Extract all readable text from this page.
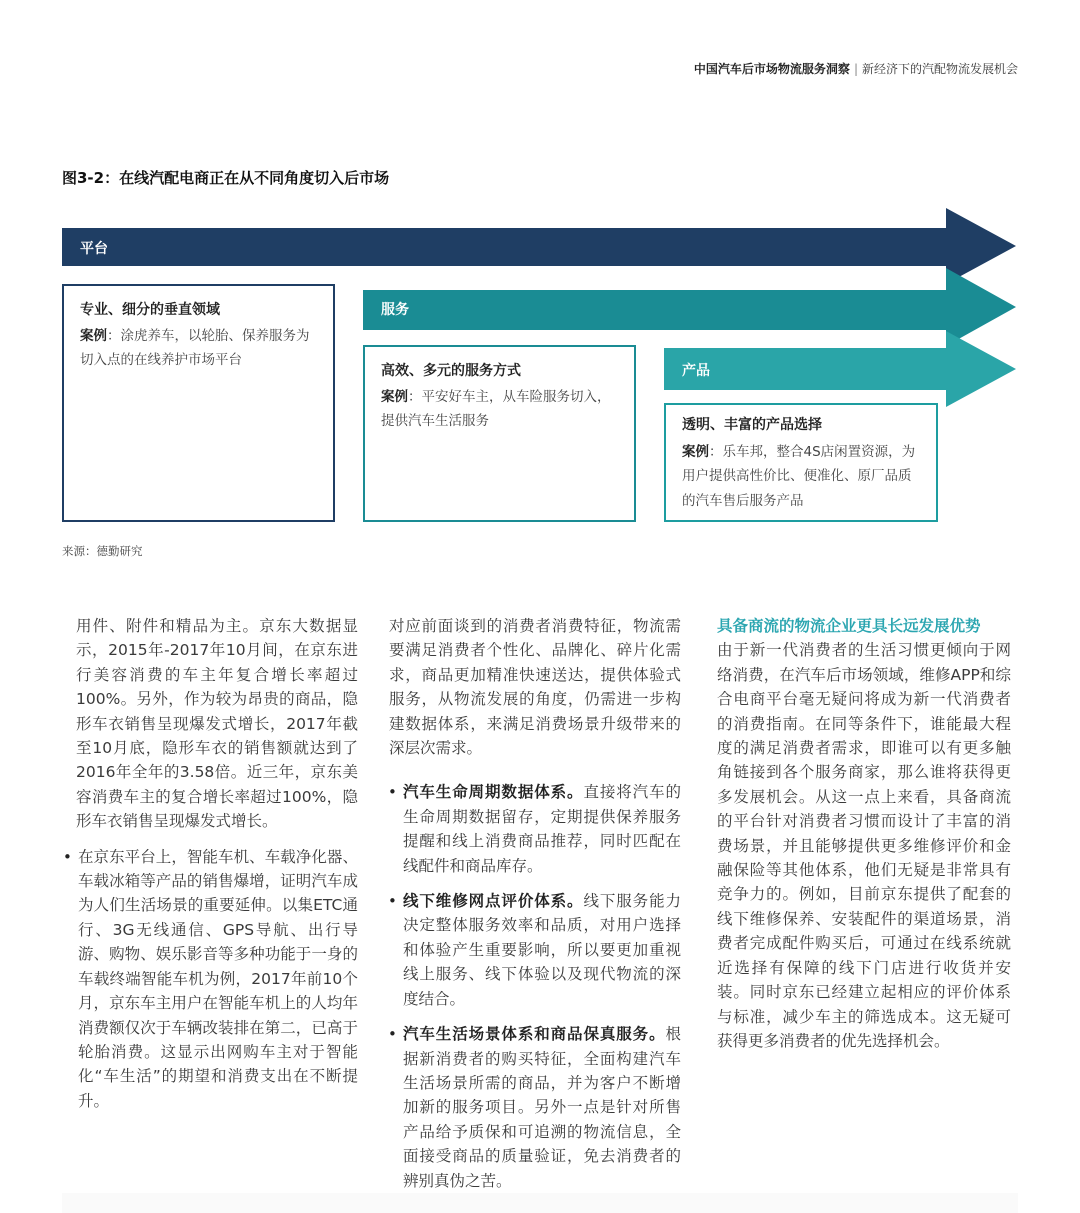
中国汽车后市场物流服务洞察 | 新经济下的汽配物流发展机会
图3-2：在线汽配电商正在从不同角度切入后市场
平台
服务
产品
专业、细分的垂直领域
案例：涂虎养车，以轮胎、保养服务为切入点的在线养护市场平台
高效、多元的服务方式
案例：平安好车主，从车险服务切入，提供汽车生活服务	透明、丰富的产品选择
案例：乐车邦，整合4S店闲置资源，为用户提供高性价比、便准化、原厂品质的汽车售后服务产品
来源：德勤研究

用件、附件和精品为主。京东大数据显示，2015年-2017年10月间，在京东进行美容消费的车主年复合增长率超过100%。另外，作为较为昂贵的商品，隐形车衣销售呈现爆发式增长，2017年截至10月底，隐形车衣的销售额就达到了2016年全年的3.58倍。近三年，京东美容消费车主的复合增长率超过100%，隐形车衣销售呈现爆发式增长。

• 在京东平台上，智能车机、车载净化器、车载冰箱等产品的销售爆增，证明汽车成为人们生活场景的重要延伸。以集ETC通行、3G无线通信、GPS导航、出行导游、购物、娱乐影音等多种功能于一身的车载终端智能车机为例，2017年前10个月，京东车主用户在智能车机上的人均年消费额仅次于车辆改装排在第二，已高于轮胎消费。这显示出网购车主对于智能化“车生活”的期望和消费支出在不断提升。

对应前面谈到的消费者消费特征，物流需要满足消费者个性化、品牌化、碎片化需求，商品更加精准快速送达，提供体验式服务，从物流发展的角度，仍需进一步构建数据体系，来满足消费场景升级带来的深层次需求。

• 汽车生命周期数据体系。直接将汽车的生命周期数据留存，定期提供保养服务提醒和线上消费商品推荐，同时匹配在线配件和商品库存。

• 线下维修网点评价体系。线下服务能力决定整体服务效率和品质，对用户选择和体验产生重要影响，所以要更加重视线上服务、线下体验以及现代物流的深度结合。

• 汽车生活场景体系和商品保真服务。根据新消费者的购买特征，全面构建汽车生活场景所需的商品，并为客户不断增加新的服务项目。另外一点是针对所售产品给予质保和可追溯的物流信息，全面接受商品的质量验证，免去消费者的辨别真伪之苦。

具备商流的物流企业更具长远发展优势

由于新一代消费者的生活习惯更倾向于网络消费，在汽车后市场领域，维修APP和综合电商平台毫无疑问将成为新一代消费者的消费指南。在同等条件下，谁能最大程度的满足消费者需求，即谁可以有更多触角链接到各个服务商家，那么谁将获得更多发展机会。从这一点上来看，具备商流的平台针对消费者习惯而设计了丰富的消费场景，并且能够提供更多维修评价和金融保险等其他体系，他们无疑是非常具有竞争力的。例如，目前京东提供了配套的线下维修保养、安装配件的渠道场景，消费者完成配件购买后，可通过在线系统就近选择有保障的线下门店进行收货并安装。同时京东已经建立起相应的评价体系与标准，减少车主的筛选成本。这无疑可获得更多消费者的优先选择机会。
